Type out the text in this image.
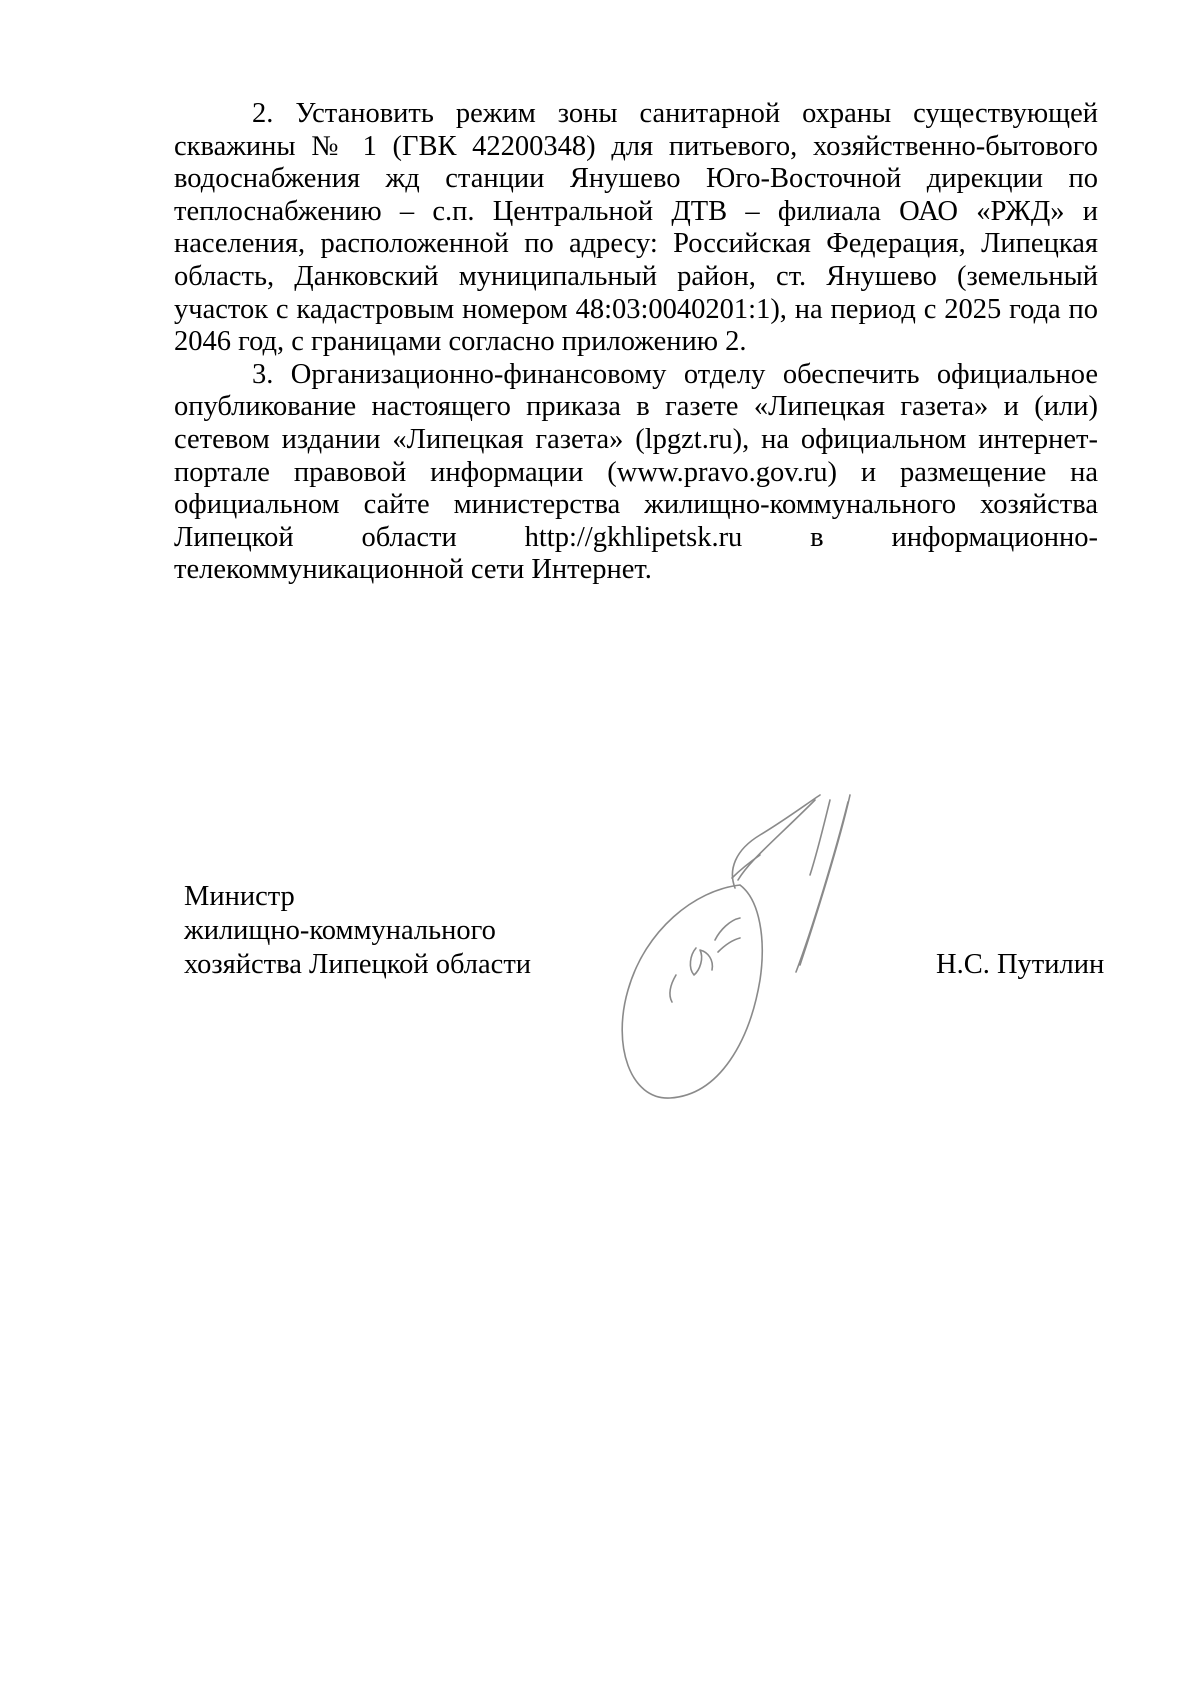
2. Установить режим зоны санитарной охраны существующей скважины № 1 (ГВК 42200348) для питьевого, хозяйственно-бытового водоснабжения жд станции Янушево Юго-Восточной дирекции по теплоснабжению – с.п. Центральной ДТВ – филиала ОАО «РЖД» и населения, расположенной по адресу: Российская Федерация, Липецкая область, Данковский муниципальный район, ст. Янушево (земельный участок с кадастровым номером 48:03:0040201:1), на период с 2025 года по 2046 год, с границами согласно приложению 2.

3. Организационно-финансовому отделу обеспечить официальное опубликование настоящего приказа в газете «Липецкая газета» и (или) сетевом издании «Липецкая газета» (lpgzt.ru), на официальном интернет-портале правовой информации (www.pravo.gov.ru) и размещение на официальном сайте министерства жилищно-коммунального хозяйства Липецкой области http://gkhlipetsk.ru в информационно-телекоммуникационной сети Интернет.

Министр
жилищно-коммунального
хозяйства Липецкой области	Н.С. Путилин
